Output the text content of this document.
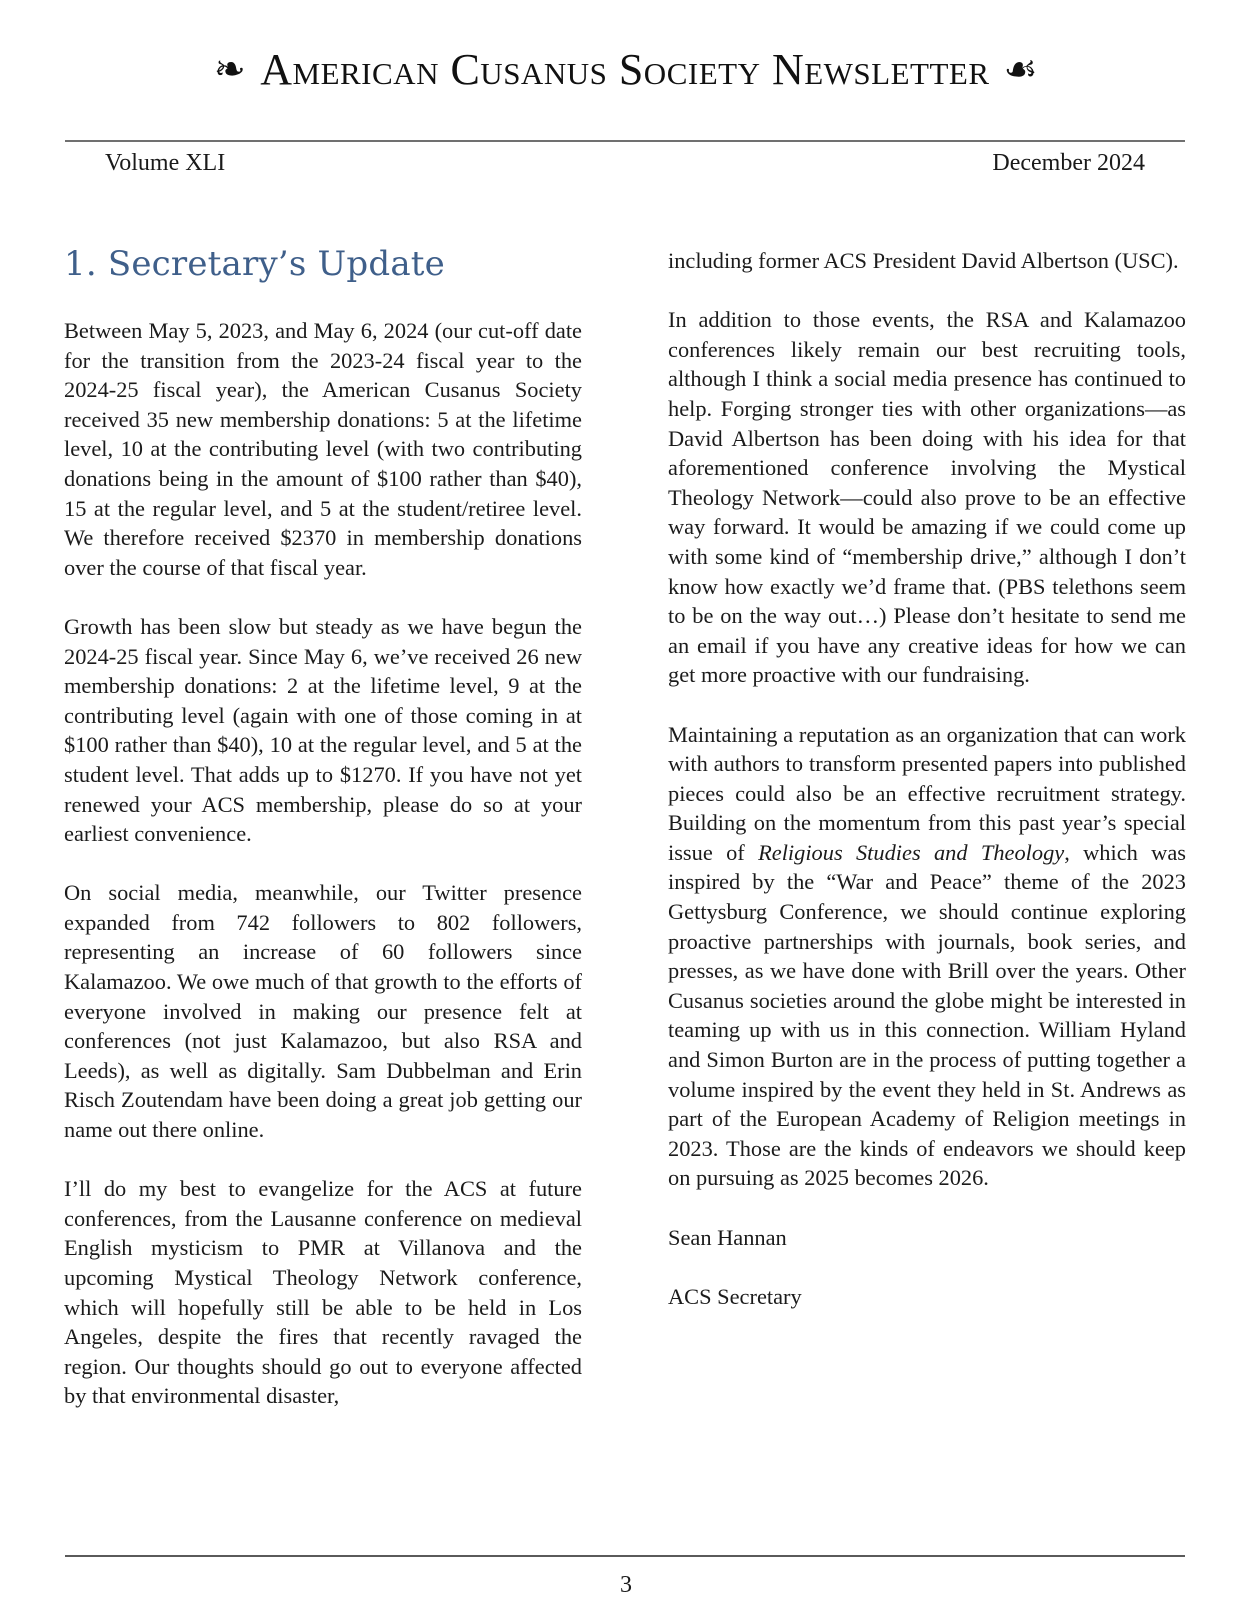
❧ American Cusanus Society Newsletter ☙
Volume XLI	December 2024
1. Secretary’s Update

Between May 5, 2023, and May 6, 2024 (our cut-off date for the transition from the 2023-24 fiscal year to the 2024-25 fiscal year), the American Cusanus Society received 35 new membership donations: 5 at the lifetime level, 10 at the contributing level (with two contributing donations being in the amount of $100 rather than $40), 15 at the regular level, and 5 at the student/retiree level. We therefore received $2370 in membership donations over the course of that fiscal year.

Growth has been slow but steady as we have begun the 2024-25 fiscal year. Since May 6, we’ve received 26 new membership donations: 2 at the lifetime level, 9 at the contributing level (again with one of those coming in at $100 rather than $40), 10 at the regular level, and 5 at the student level. That adds up to $1270. If you have not yet renewed your ACS membership, please do so at your earliest convenience.

On social media, meanwhile, our Twitter presence expanded from 742 followers to 802 followers, representing an increase of 60 followers since Kalamazoo. We owe much of that growth to the efforts of everyone involved in making our presence felt at conferences (not just Kalamazoo, but also RSA and Leeds), as well as digitally. Sam Dubbelman and Erin Risch Zoutendam have been doing a great job getting our name out there online.

I’ll do my best to evangelize for the ACS at future conferences, from the Lausanne conference on medieval English mysticism to PMR at Villanova and the upcoming Mystical Theology Network conference, which will hopefully still be able to be held in Los Angeles, despite the fires that recently ravaged the region. Our thoughts should go out to everyone affected by that environmental disaster,

including former ACS President David Albertson (USC).

In addition to those events, the RSA and Kalamazoo conferences likely remain our best recruiting tools, although I think a social media presence has continued to help. Forging stronger ties with other organizations—as David Albertson has been doing with his idea for that aforementioned conference involving the Mystical Theology Network—could also prove to be an effective way forward. It would be amazing if we could come up with some kind of “membership drive,” although I don’t know how exactly we’d frame that. (PBS telethons seem to be on the way out…) Please don’t hesitate to send me an email if you have any creative ideas for how we can get more proactive with our fundraising.

Maintaining a reputation as an organization that can work with authors to transform presented papers into published pieces could also be an effective recruitment strategy. Building on the momentum from this past year’s special issue of Religious Studies and Theology, which was inspired by the “War and Peace” theme of the 2023 Gettysburg Conference, we should continue exploring proactive partnerships with journals, book series, and presses, as we have done with Brill over the years. Other Cusanus societies around the globe might be interested in teaming up with us in this connection. William Hyland and Simon Burton are in the process of putting together a volume inspired by the event they held in St. Andrews as part of the European Academy of Religion meetings in 2023. Those are the kinds of endeavors we should keep on pursuing as 2025 becomes 2026.

Sean Hannan

ACS Secretary

3
